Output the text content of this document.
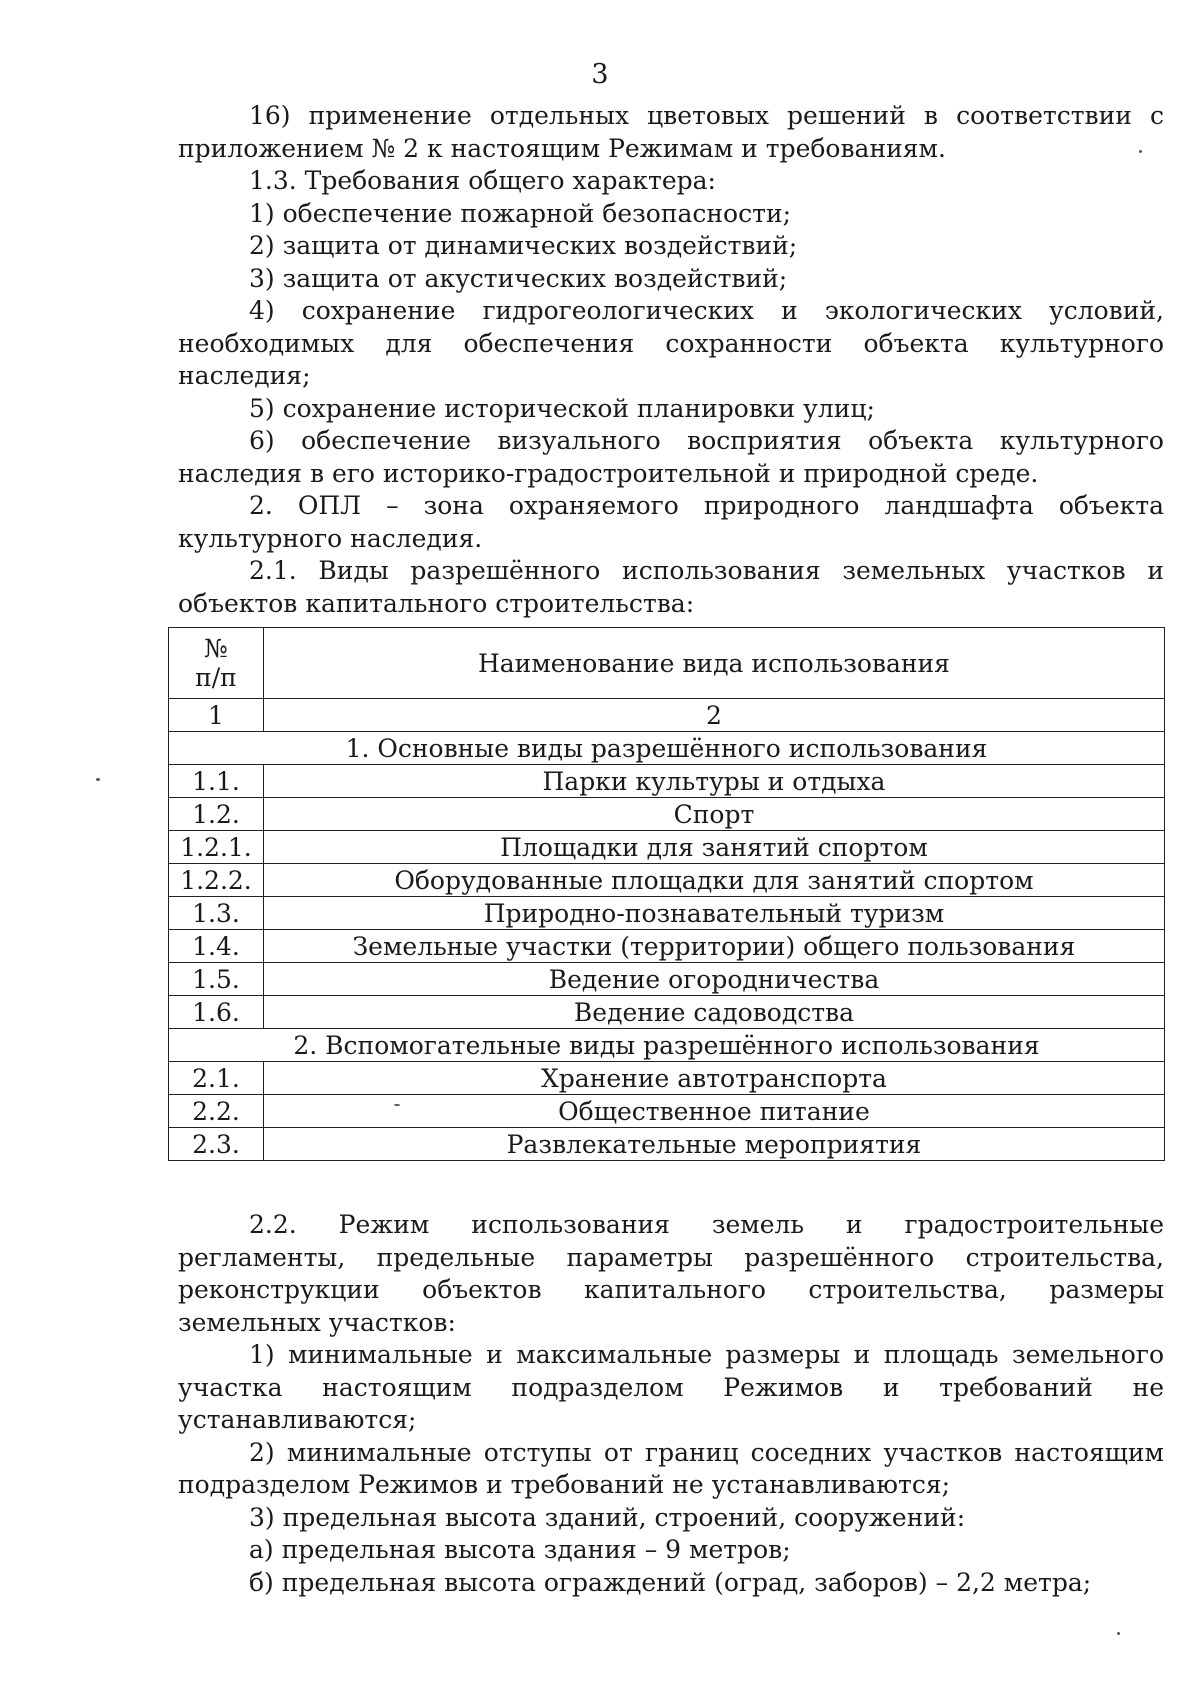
3

16) применение отдельных цветовых решений в соответствии с приложением № 2 к настоящим Режимам и требованиям.

1.3. Требования общего характера:

1) обеспечение пожарной безопасности;

2) защита от динамических воздействий;

3) защита от акустических воздействий;

4) сохранение гидрогеологических и экологических условий, необходимых для обеспечения сохранности объекта культурного наследия;

5) сохранение исторической планировки улиц;

6) обеспечение визуального восприятия объекта культурного наследия в его историко-градостроительной и природной среде.

2. ОПЛ – зона охраняемого природного ландшафта объекта культурного наследия.

2.1. Виды разрешённого использования земельных участков и объектов капитального строительства:

№
п/п	Наименование вида использования
1	2
1. Основные виды разрешённого использования	
1.1.	Парки культуры и отдыха
1.2.	Спорт
1.2.1.	Площадки для занятий спортом
1.2.2.	Оборудованные площадки для занятий спортом
1.3.	Природно-познавательный туризм
1.4.	Земельные участки (территории) общего пользования
1.5.	Ведение огородничества
1.6.	Ведение садоводства
2. Вспомогательные виды разрешённого использования	
2.1.	Хранение автотранспорта
2.2.	Общественное питание
2.3.	Развлекательные мероприятия

2.2. Режим использования земель и градостроительные регламенты, предельные параметры разрешённого строительства, реконструкции объектов капитального строительства, размеры земельных участков:

1) минимальные и максимальные размеры и площадь земельного участка настоящим подразделом Режимов и требований не устанавливаются;

2) минимальные отступы от границ соседних участков настоящим подразделом Режимов и требований не устанавливаются;

3) предельная высота зданий, строений, сооружений:

а) предельная высота здания – 9 метров;

б) предельная высота ограждений (оград, заборов) – 2,2 метра;
